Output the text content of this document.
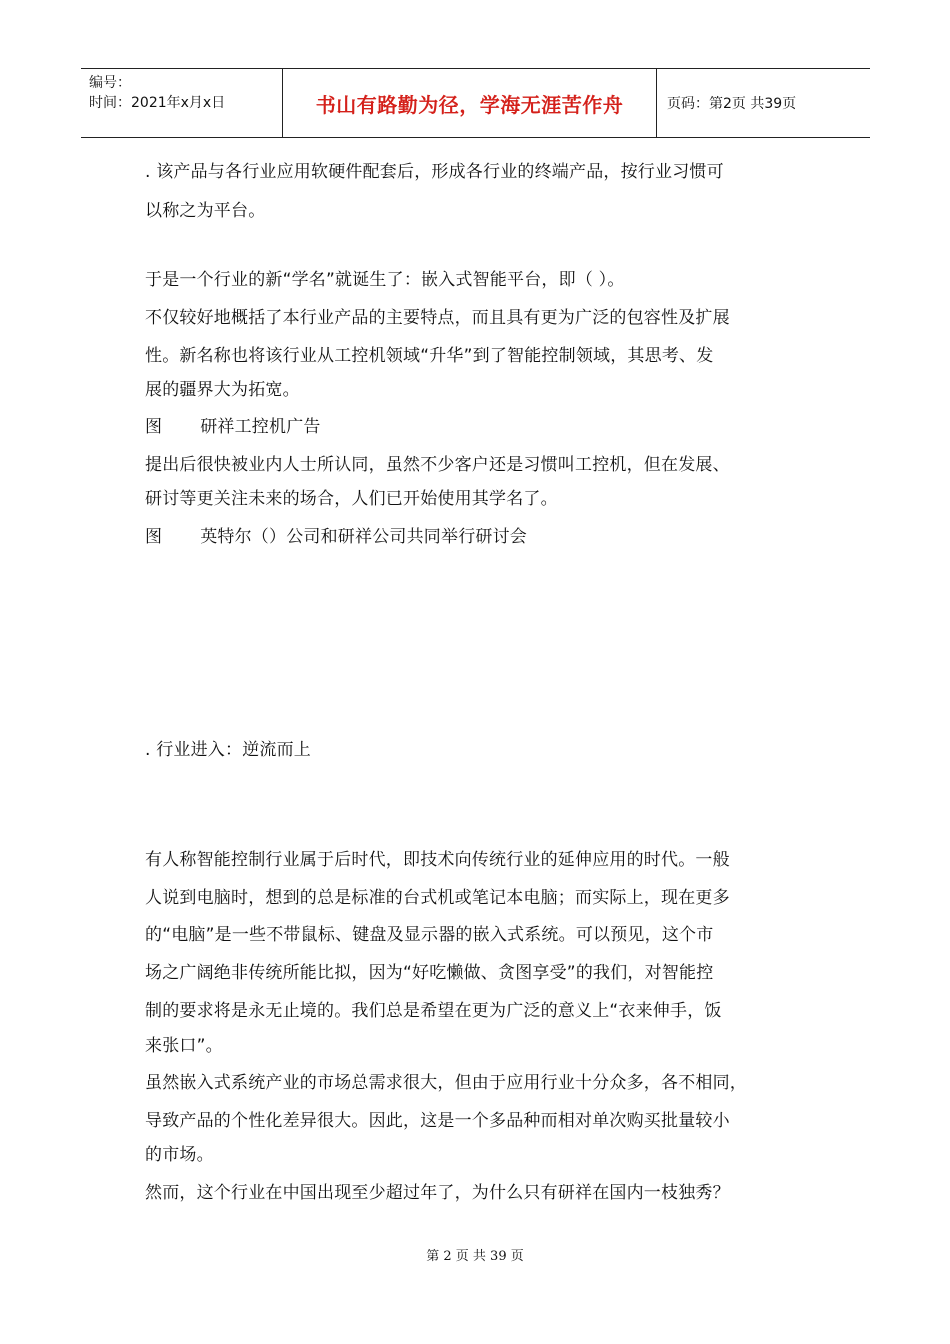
编号：
时间：2021年x月x日	书山有路勤为径，学海无涯苦作舟	页码：第2页 共39页
. 该产品与各行业应用软硬件配套后，形成各行业的终端产品，按行业习惯可
以称之为平台。
于是一个行业的新“学名”就诞生了：嵌入式智能平台，即（ ）。
不仅较好地概括了本行业产品的主要特点，而且具有更为广泛的包容性及扩展
性。新名称也将该行业从工控机领域“升华”到了智能控制领域，其思考、发
展的疆界大为拓宽。
图 研祥工控机广告
提出后很快被业内人士所认同，虽然不少客户还是习惯叫工控机，但在发展、
研讨等更关注未来的场合，人们已开始使用其学名了。
图 英特尔（）公司和研祥公司共同举行研讨会
. 行业进入：逆流而上
有人称智能控制行业属于后时代，即技术向传统行业的延伸应用的时代。一般
人说到电脑时，想到的总是标准的台式机或笔记本电脑；而实际上，现在更多
的“电脑”是一些不带鼠标、键盘及显示器的嵌入式系统。可以预见，这个市
场之广阔绝非传统所能比拟，因为“好吃懒做、贪图享受”的我们，对智能控
制的要求将是永无止境的。我们总是希望在更为广泛的意义上“衣来伸手，饭
来张口”。
虽然嵌入式系统产业的市场总需求很大，但由于应用行业十分众多，各不相同，
导致产品的个性化差异很大。因此，这是一个多品种而相对单次购买批量较小
的市场。
然而，这个行业在中国出现至少超过年了，为什么只有研祥在国内一枝独秀？
第 2 页 共 39 页
